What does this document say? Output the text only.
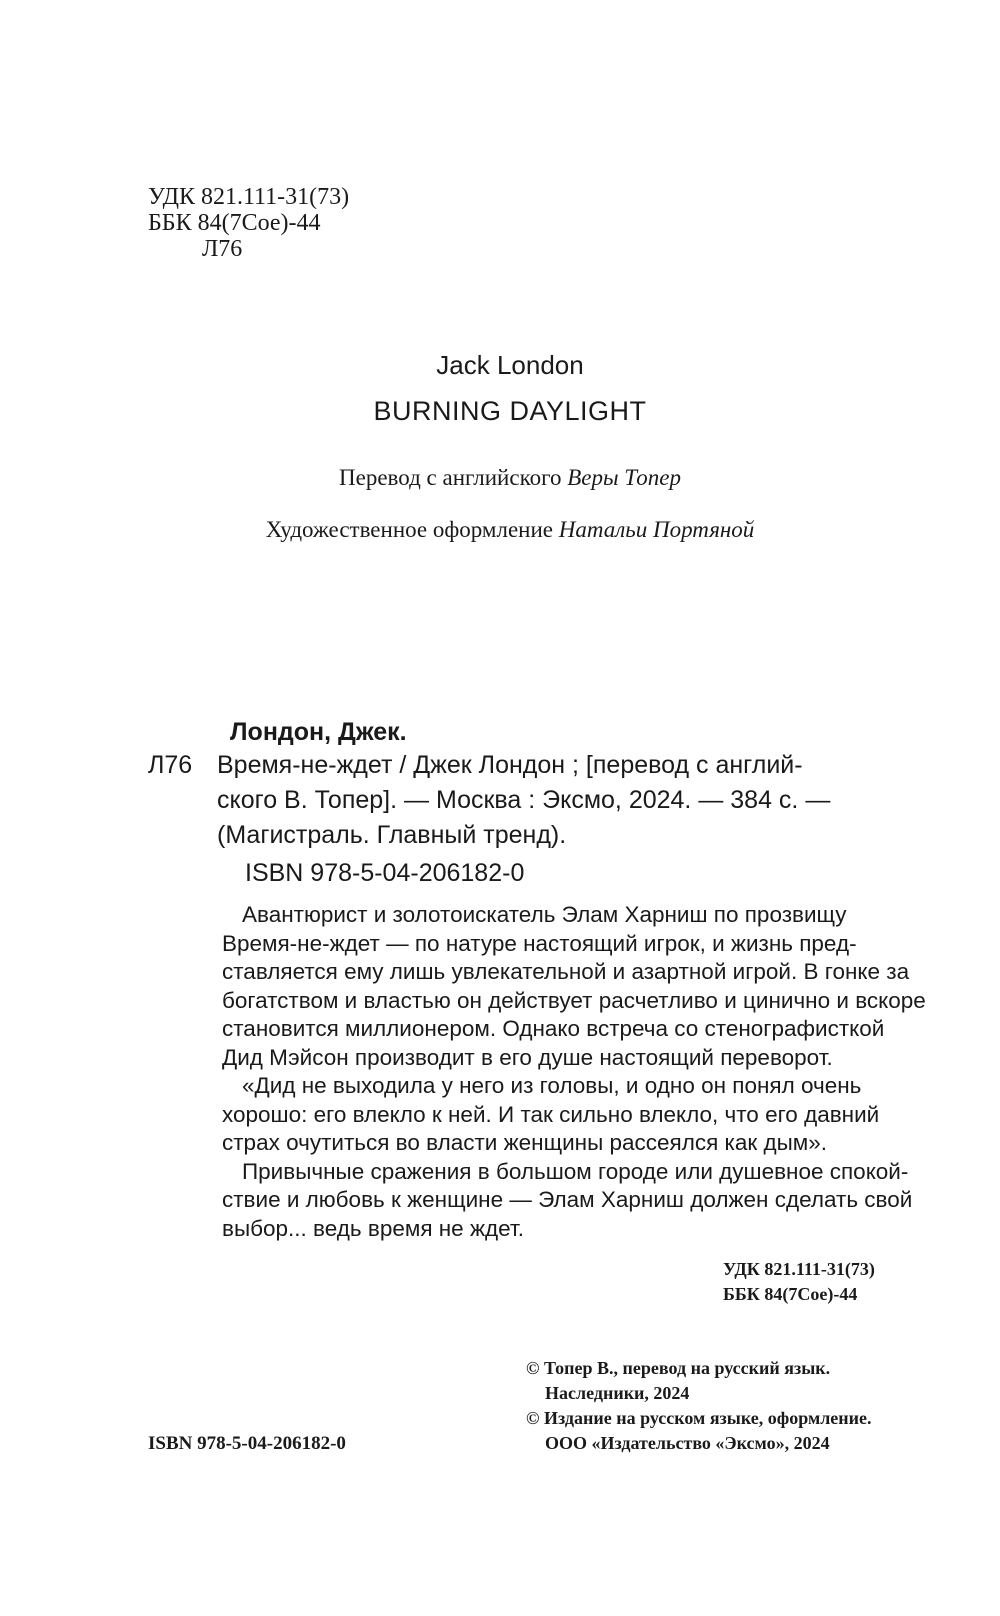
УДК 821.111-31(73)
ББК 84(7Сое)-44
Л76
Jack London
BURNING DAYLIGHT
Перевод с английского Веры Топер
Художественное оформление Натальи Портяной
Лондон, Джек.
Л76 Время-не-ждет / Джек Лондон ; [перевод с англий-
ского В. Топер]. — Москва : Эксмо, 2024. — 384 с. —
(Магистраль. Главный тренд).
ISBN 978-5-04-206182-0

Авантюрист и золотоискатель Элам Харниш по прозвищу
Время-не-ждет — по натуре настоящий игрок, и жизнь пред-
ставляется ему лишь увлекательной и азартной игрой. В гонке за
богатством и властью он действует расчетливо и цинично и вскоре
становится миллионером. Однако встреча со стенографисткой
Дид Мэйсон производит в его душе настоящий переворот.

«Дид не выходила у него из головы, и одно он понял очень
хорошо: его влекло к ней. И так сильно влекло, что его давний
страх очутиться во власти женщины рассеялся как дым».

Привычные сражения в большом городе или душевное спокой-
ствие и любовь к женщине — Элам Харниш должен сделать свой
выбор... ведь время не ждет.

УДК 821.111-31(73)
ББК 84(7Сое)-44
© Топер В., перевод на русский язык.
Наследники, 2024
© Издание на русском языке, оформление.
ООО «Издательство «Эксмо», 2024
ISBN 978-5-04-206182-0
